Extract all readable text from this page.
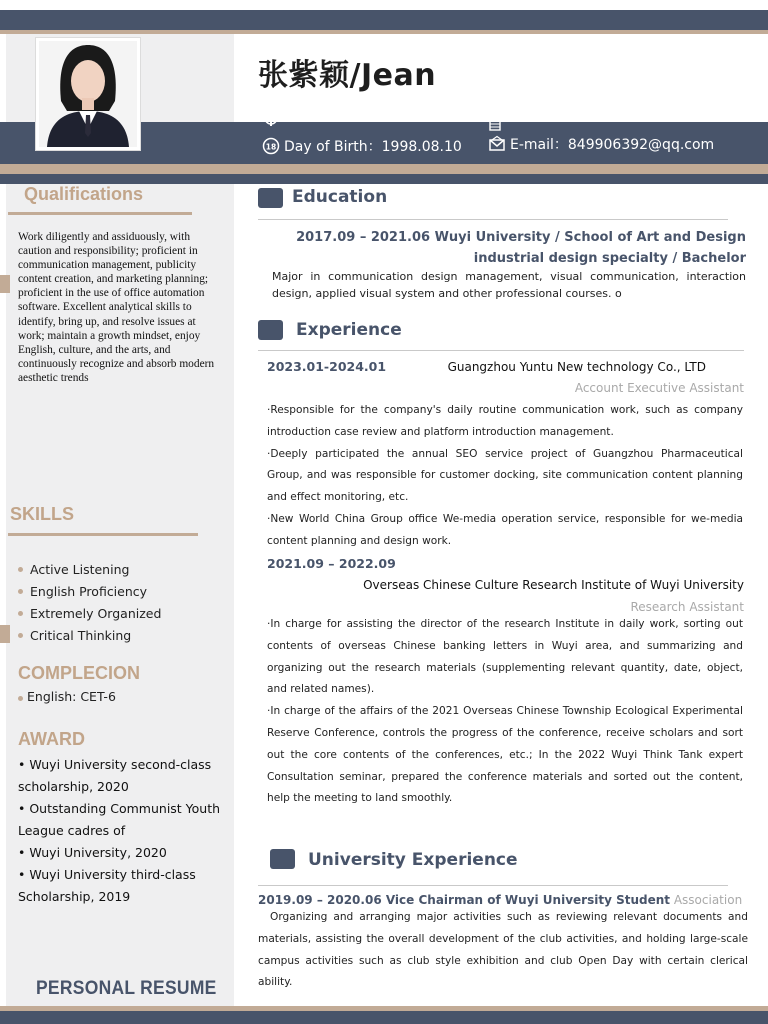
张紫颖/Jean
18 Day of Birth：1998.08.10	E-mail：849906392@qq.com
Qualifications
Work diligently and assiduously, with caution and responsibility; proficient in communication management, publicity content creation, and marketing planning; proficient in the use of office automation software. Excellent analytical skills to identify, bring up, and resolve issues at work; maintain a growth mindset, enjoy English, culture, and the arts, and continuously recognize and absorb modern aesthetic trends
SKILLS
Active Listening
English Proficiency
Extremely Organized
Critical Thinking
COMPLECION
English: CET-6
AWARD
• Wuyi University second-class scholarship, 2020
• Outstanding Communist Youth League cadres of
• Wuyi University, 2020
• Wuyi University third-class Scholarship, 2019
PERSONAL RESUME
Education
2017.09 – 2021.06 Wuyi University / School of Art and Design
industrial design specialty / Bachelor
Major in communication design management, visual communication, interaction design, applied visual system and other professional courses. o
Experience
2023.01-2024.01	Guangzhou Yuntu New technology Co., LTD
Account Executive Assistant

·Responsible for the company's daily routine communication work, such as company introduction case review and platform introduction management.

·Deeply participated the annual SEO service project of Guangzhou Pharmaceutical Group, and was responsible for customer docking, site communication content planning and effect monitoring, etc.

·New World China Group office We-media operation service, responsible for we-media content planning and design work.

2021.09 – 2022.09
Overseas Chinese Culture Research Institute of Wuyi University
Research Assistant

·In charge for assisting the director of the research Institute in daily work, sorting out contents of overseas Chinese banking letters in Wuyi area, and summarizing and organizing out the research materials (supplementing relevant quantity, date, object, and related names).

·In charge of the affairs of the 2021 Overseas Chinese Township Ecological Experimental Reserve Conference, controls the progress of the conference, receive scholars and sort out the core contents of the conferences, etc.; In the 2022 Wuyi Think Tank expert Consultation seminar, prepared the conference materials and sorted out the content, help the meeting to land smoothly.

University Experience
2019.09 – 2020.06 Vice Chairman of Wuyi University Student Association
Organizing and arranging major activities such as reviewing relevant documents and materials, assisting the overall development of the club activities, and holding large-scale campus activities such as club style exhibition and club Open Day with certain clerical ability.
